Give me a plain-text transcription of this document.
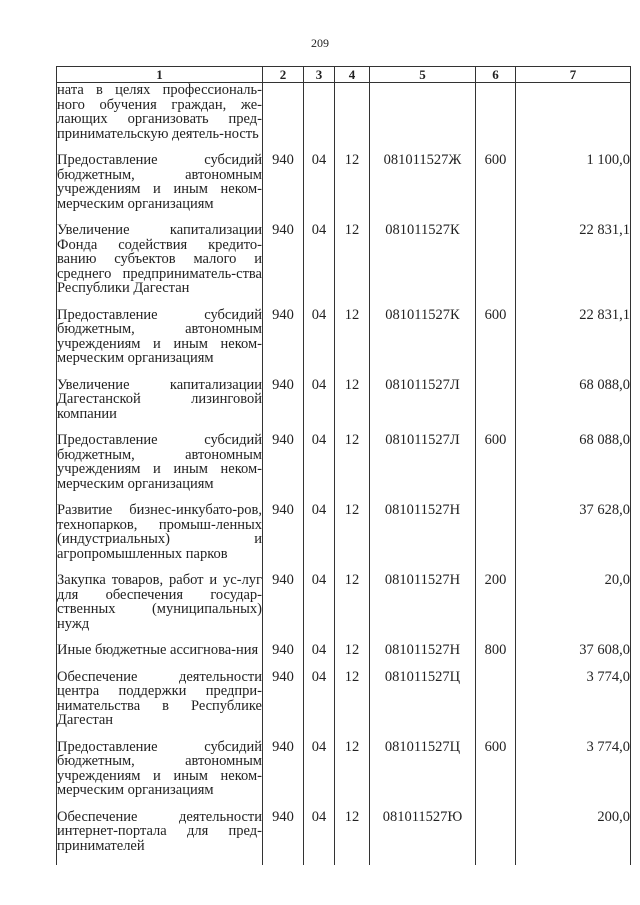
209
1	2	3	4	5	6	7
ната в целях профессиональ-ного обучения граждан, же-лающих организовать пред-принимательскую деятель-ность						

Предоставление субсидий бюджетным, автономным учреждениям и иным неком-мерческим организациям	940	04	12	081011527Ж	600	1 100,0

Увеличение капитализации Фонда содействия кредито-ванию субъектов малого и среднего предприниматель-ства Республики Дагестан	940	04	12	081011527К		22 831,1

Предоставление субсидий бюджетным, автономным учреждениям и иным неком-мерческим организациям	940	04	12	081011527К	600	22 831,1

Увеличение капитализации Дагестанской лизинговой компании	940	04	12	081011527Л		68 088,0

Предоставление субсидий бюджетным, автономным учреждениям и иным неком-мерческим организациям	940	04	12	081011527Л	600	68 088,0

Развитие бизнес-инкубато-ров, технопарков, промыш-ленных (индустриальных) и агропромышленных парков	940	04	12	081011527Н		37 628,0

Закупка товаров, работ и ус-луг для обеспечения государ-ственных (муниципальных) нужд	940	04	12	081011527Н	200	20,0

Иные бюджетные ассигнова-ния	940	04	12	081011527Н	800	37 608,0

Обеспечение деятельности центра поддержки предпри-нимательства в Республике Дагестан	940	04	12	081011527Ц		3 774,0

Предоставление субсидий бюджетным, автономным учреждениям и иным неком-мерческим организациям	940	04	12	081011527Ц	600	3 774,0

Обеспечение деятельности интернет-портала для пред-принимателей	940	04	12	081011527Ю		200,0
